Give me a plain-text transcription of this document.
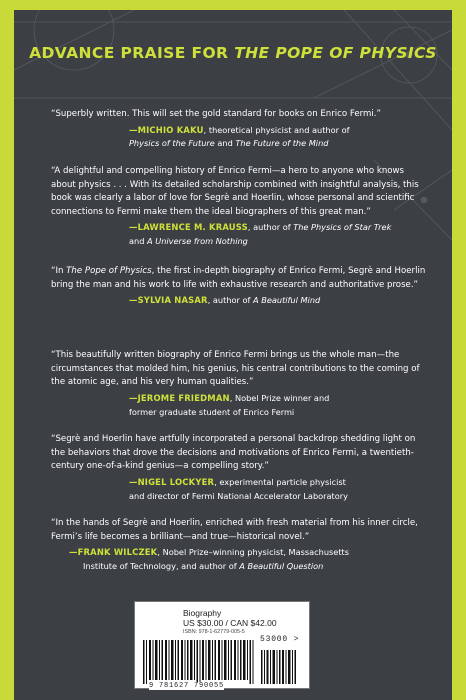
ADVANCE PRAISE FOR THE POPE OF PHYSICS
“Superbly written. This will set the gold standard for books on Enrico Fermi.”
—MICHIO KAKU, theoretical physicist and author of
Physics of the Future and The Future of the Mind
“A delightful and compelling history of Enrico Fermi—a hero to anyone who knows about physics . . . With its detailed scholarship combined with insightful analysis, this book was clearly a labor of love for Segrè and Hoerlin, whose personal and scientific connections to Fermi make them the ideal biographers of this great man.”
—LAWRENCE M. KRAUSS, author of The Physics of Star Trek
and A Universe from Nothing
“In The Pope of Physics, the first in-depth biography of Enrico Fermi, Segrè and Hoerlin bring the man and his work to life with exhaustive research and authoritative prose.”
—SYLVIA NASAR, author of A Beautiful Mind
“This beautifully written biography of Enrico Fermi brings us the whole man—the circumstances that molded him, his genius, his central contributions to the coming of the atomic age, and his very human qualities.”
—JEROME FRIEDMAN, Nobel Prize winner and
former graduate student of Enrico Fermi
“Segrè and Hoerlin have artfully incorporated a personal backdrop shedding light on the behaviors that drove the decisions and motivations of Enrico Fermi, a twentieth-century one-of-a-kind genius—a compelling story.”
—NIGEL LOCKYER, experimental particle physicist
and director of Fermi National Accelerator Laboratory
“In the hands of Segrè and Hoerlin, enriched with fresh material from his inner circle, Fermi’s life becomes a brilliant—and true—historical novel.”
—FRANK WILCZEK, Nobel Prize–winning physicist, Massachusetts
Institute of Technology, and author of A Beautiful Question
Biography
US $30.00 / CAN $42.00
ISBN: 978-1-62779-005-5
53000 >
9 781627 790055
